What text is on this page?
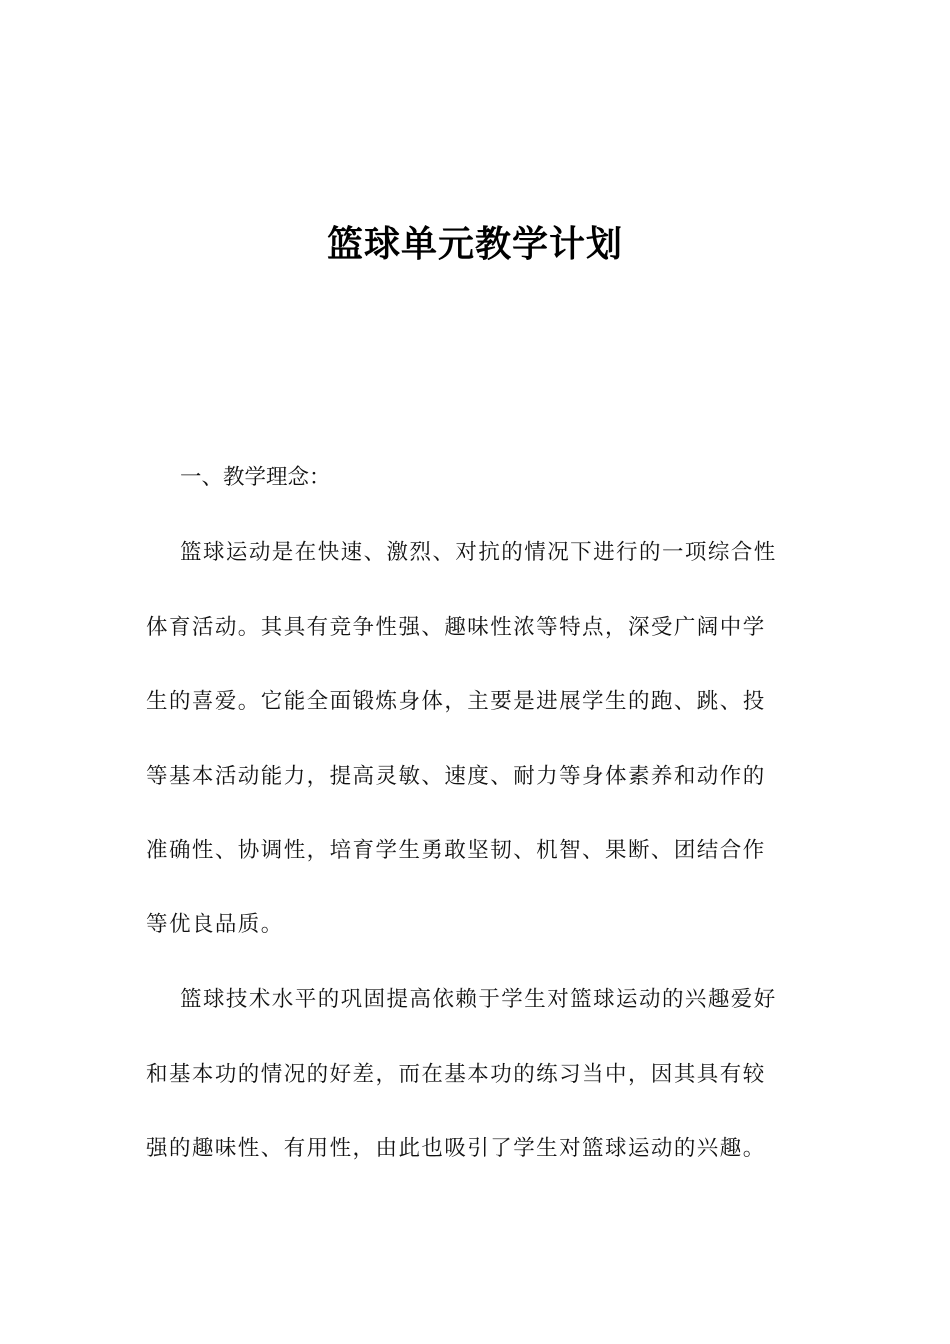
篮球单元教学计划
一、教学理念：
篮球运动是在快速、激烈、对抗的情况下进行的一项综合性
体育活动。其具有竞争性强、趣味性浓等特点，深受广阔中学
生的喜爱。它能全面锻炼身体，主要是进展学生的跑、跳、投
等基本活动能力，提高灵敏、速度、耐力等身体素养和动作的
准确性、协调性，培育学生勇敢坚韧、机智、果断、团结合作
等优良品质。
篮球技术水平的巩固提高依赖于学生对篮球运动的兴趣爱好
和基本功的情况的好差，而在基本功的练习当中，因其具有较
强的趣味性、有用性，由此也吸引了学生对篮球运动的兴趣。
